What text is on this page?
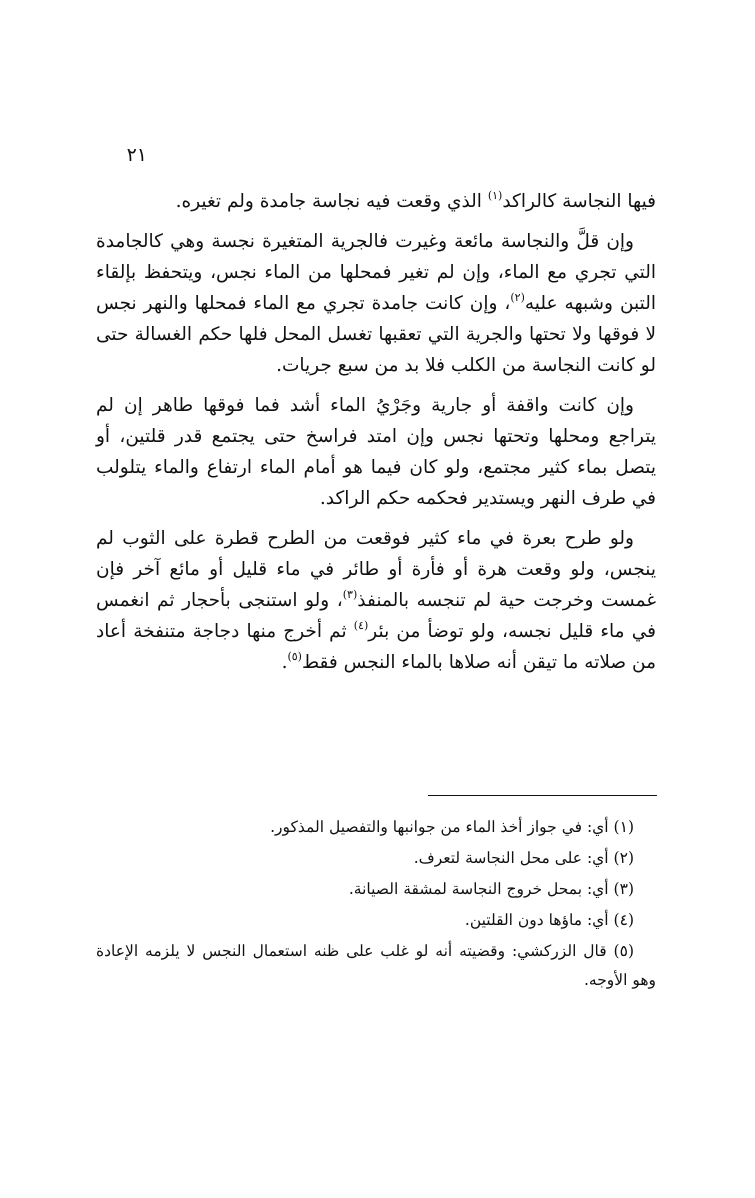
٢١

فيها النجاسة كالراكد$^{(١)}$ الذي وقعت فيه نجاسة جامدة ولم تغيره.

وإن قلَّ والنجاسة مائعة وغيرت فالجرية المتغيرة نجسة وهي كالجامدة التي تجري مع الماء، وإن لم تغير فمحلها من الماء نجس، ويتحفظ بإلقاء التبن وشبهه عليه$^{(٢)}$، وإن كانت جامدة تجري مع الماء فمحلها والنهر نجس لا فوقها ولا تحتها والجرية التي تعقبها تغسل المحل فلها حكم الغسالة حتى لو كانت النجاسة من الكلب فلا بد من سبع جريات.

وإن كانت واقفة أو جارية وجَرْيُ الماء أشد فما فوقها طاهر إن لم يتراجع ومحلها وتحتها نجس وإن امتد فراسخ حتى يجتمع قدر قلتين، أو يتصل بماء كثير مجتمع، ولو كان فيما هو أمام الماء ارتفاع والماء يتلولب في طرف النهر ويستدير فحكمه حكم الراكد.

ولو طرح بعرة في ماء كثير فوقعت من الطرح قطرة على الثوب لم ينجس، ولو وقعت هرة أو فأرة أو طائر في ماء قليل أو مائع آخر فإن غمست وخرجت حية لم تنجسه بالمنفذ$^{(٣)}$، ولو استنجى بأحجار ثم انغمس في ماء قليل نجسه، ولو توضأ من بئر$^{(٤)}$ ثم أخرج منها دجاجة متنفخة أعاد من صلاته ما تيقن أنه صلاها بالماء النجس فقط$^{(٥)}$.

(١) أي: في جواز أخذ الماء من جوانبها والتفصيل المذكور.

(٢) أي: على محل النجاسة لتعرف.

(٣) أي: بمحل خروج النجاسة لمشقة الصيانة.

(٤) أي: ماؤها دون القلتين.

(٥) قال الزركشي: وقضيته أنه لو غلب على ظنه استعمال النجس لا يلزمه الإعادة وهو الأوجه.
